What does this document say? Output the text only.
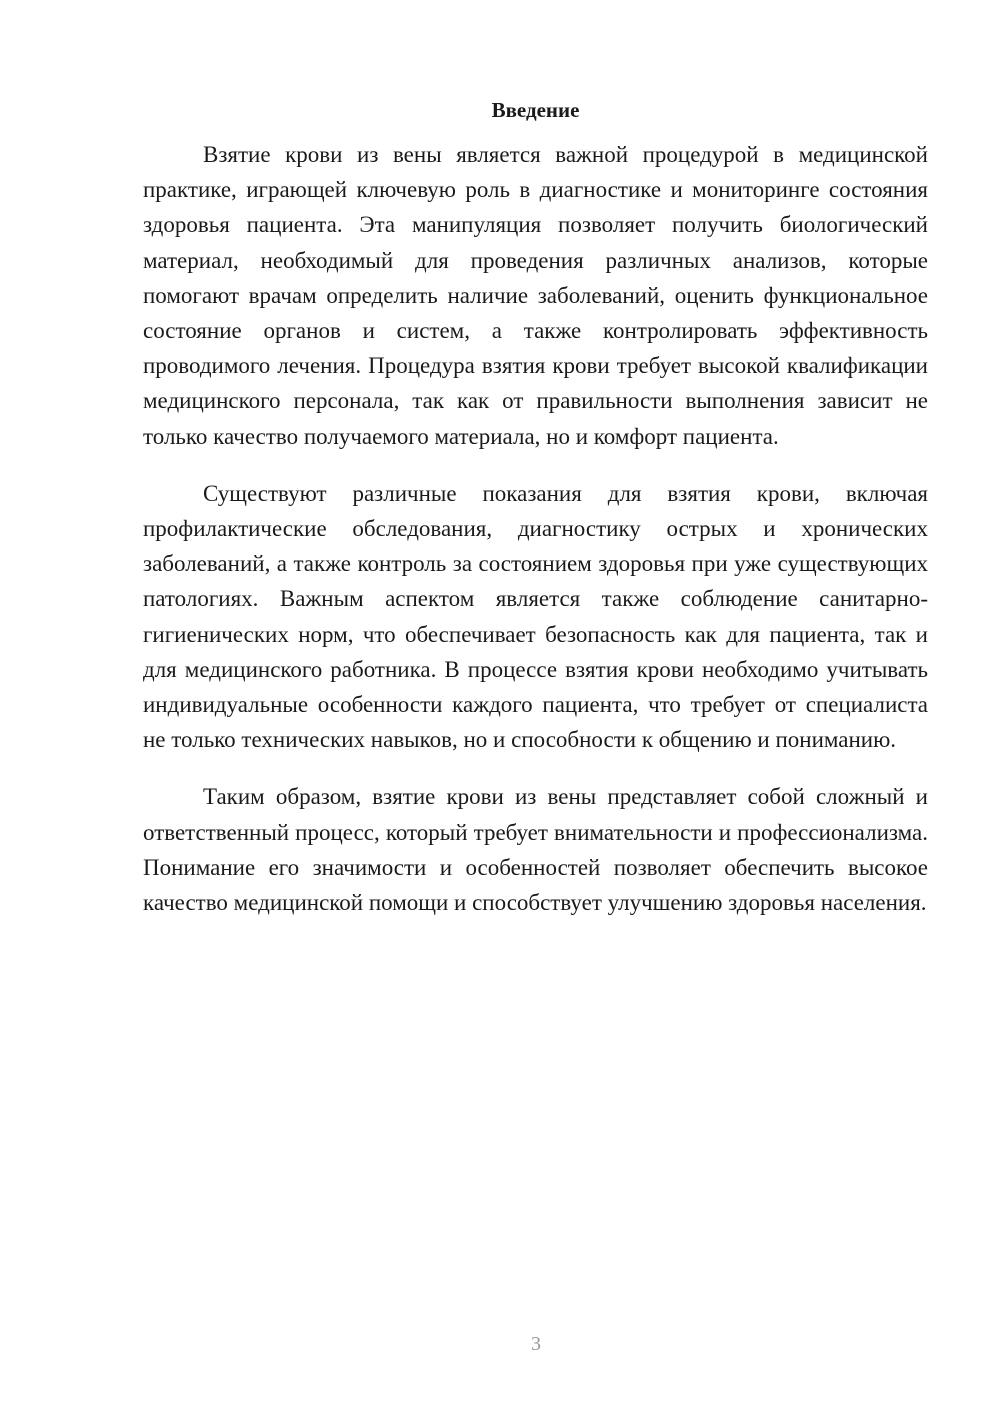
Введение

Взятие крови из вены является важной процедурой в медицинской практике, играющей ключевую роль в диагностике и мониторинге состояния здоровья пациента. Эта манипуляция позволяет получить биологический материал, необходимый для проведения различных анализов, которые помогают врачам определить наличие заболеваний, оценить функциональное состояние органов и систем, а также контролировать эффективность проводимого лечения. Процедура взятия крови требует высокой квалификации медицинского персонала, так как от правильности выполнения зависит не только качество получаемого материала, но и комфорт пациента.

Существуют различные показания для взятия крови, включая профилактические обследования, диагностику острых и хронических заболеваний, а также контроль за состоянием здоровья при уже существующих патологиях. Важным аспектом является также соблюдение санитарно-гигиенических норм, что обеспечивает безопасность как для пациента, так и для медицинского работника. В процессе взятия крови необходимо учитывать индивидуальные особенности каждого пациента, что требует от специалиста не только технических навыков, но и способности к общению и пониманию.

Таким образом, взятие крови из вены представляет собой сложный и ответственный процесс, который требует внимательности и профессионализма. Понимание его значимости и особенностей позволяет обеспечить высокое качество медицинской помощи и способствует улучшению здоровья населения.

3
